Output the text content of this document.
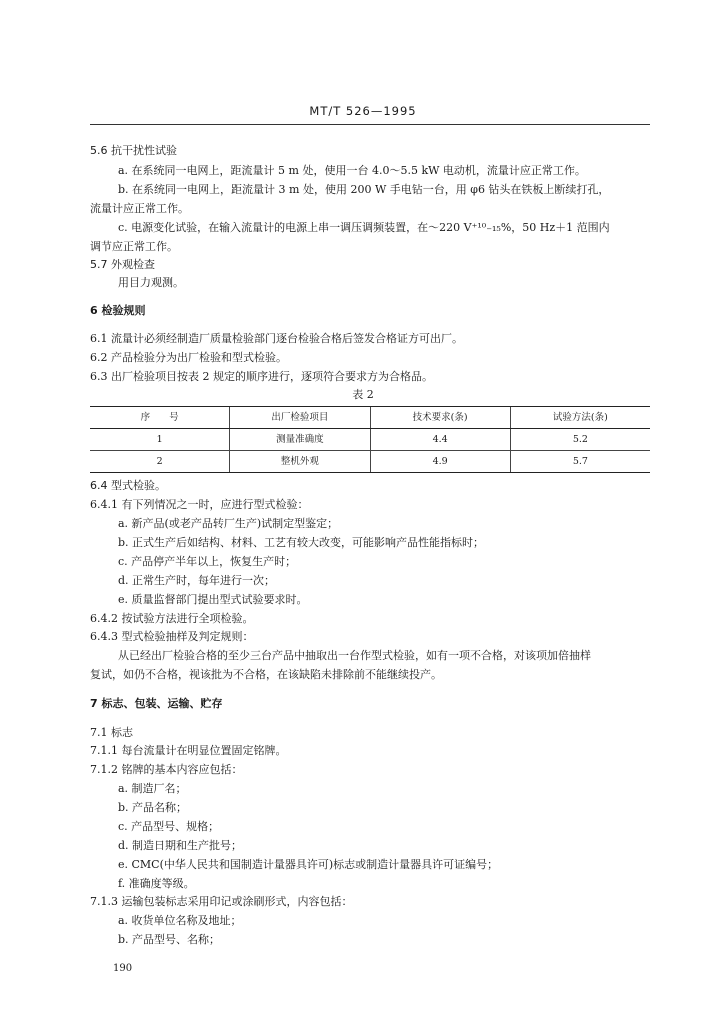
MT/T 526—1995
5.6 抗干扰性试验
a. 在系统同一电网上，距流量计 5 m 处，使用一台 4.0～5.5 kW 电动机，流量计应正常工作。
b. 在系统同一电网上，距流量计 3 m 处，使用 200 W 手电钻一台，用 φ6 钻头在铁板上断续打孔，
流量计应正常工作。
c. 电源变化试验，在输入流量计的电源上串一调压调频装置，在～220 V⁺¹⁰₋₁₅%，50 Hz＋1 范围内
调节应正常工作。
5.7 外观检查
用目力观测。
6 检验规则
6.1 流量计必须经制造厂质量检验部门逐台检验合格后签发合格证方可出厂。
6.2 产品检验分为出厂检验和型式检验。
6.3 出厂检验项目按表 2 规定的顺序进行，逐项符合要求方为合格品。
表 2
序　　号	出厂检验项目	技术要求(条)	试验方法(条)
1	测量准确度	4.4	5.2
2	整机外观	4.9	5.7
6.4 型式检验。
6.4.1 有下列情况之一时，应进行型式检验：
a. 新产品(或老产品转厂生产)试制定型鉴定；
b. 正式生产后如结构、材料、工艺有较大改变，可能影响产品性能指标时；
c. 产品停产半年以上，恢复生产时；
d. 正常生产时，每年进行一次；
e. 质量监督部门提出型式试验要求时。
6.4.2 按试验方法进行全项检验。
6.4.3 型式检验抽样及判定规则：
从已经出厂检验合格的至少三台产品中抽取出一台作型式检验，如有一项不合格，对该项加倍抽样
复试，如仍不合格，视该批为不合格，在该缺陷未排除前不能继续投产。
7 标志、包装、运输、贮存
7.1 标志
7.1.1 每台流量计在明显位置固定铭牌。
7.1.2 铭牌的基本内容应包括：
a. 制造厂名；
b. 产品名称；
c. 产品型号、规格；
d. 制造日期和生产批号；
e. CMC(中华人民共和国制造计量器具许可)标志或制造计量器具许可证编号；
f. 准确度等级。
7.1.3 运输包装标志采用印记或涂刷形式，内容包括：
a. 收货单位名称及地址；
b. 产品型号、名称；
190
